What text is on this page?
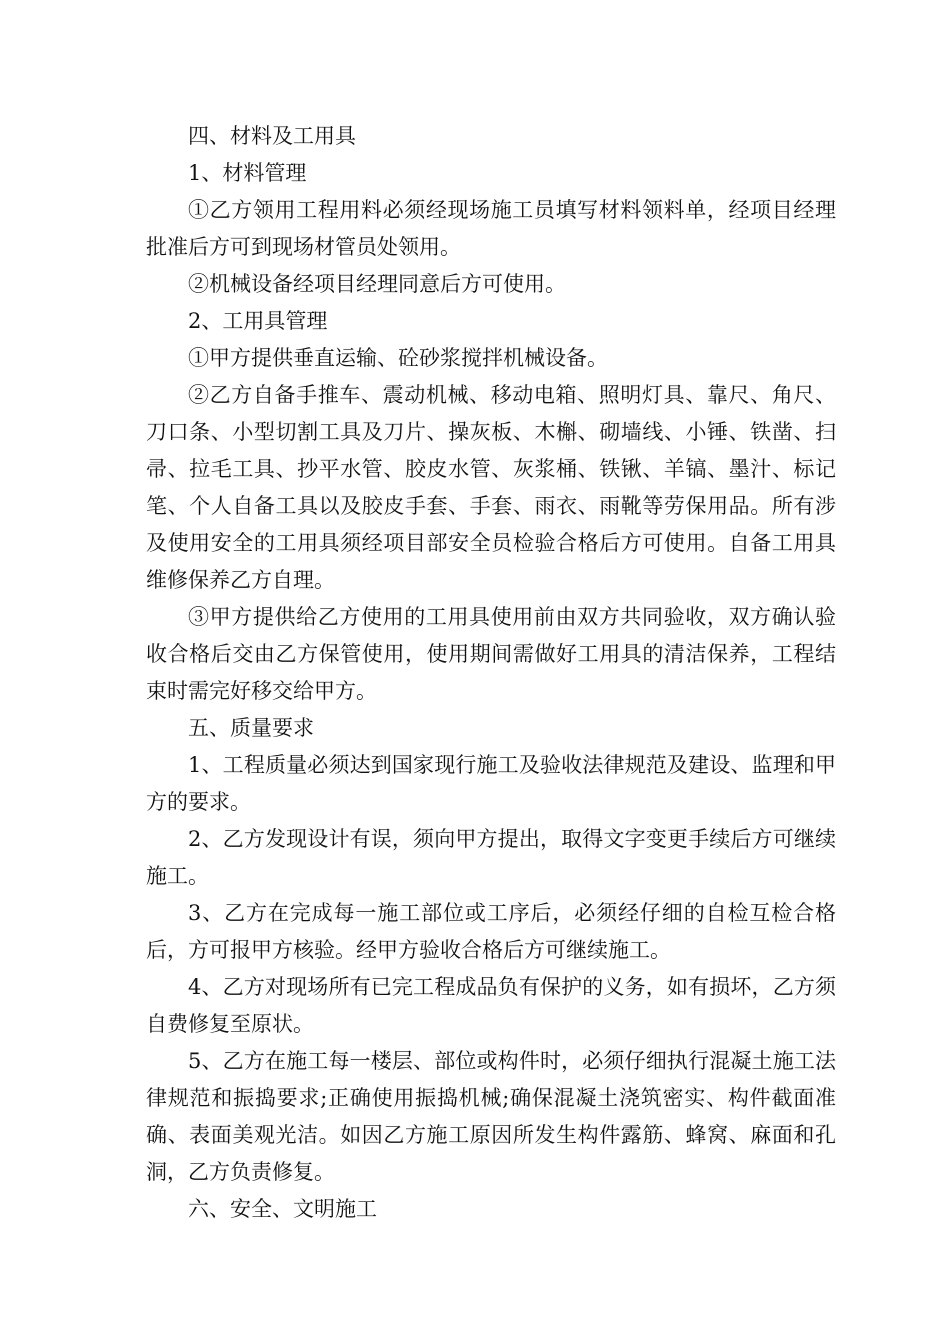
四、材料及工用具

1、材料管理

①乙方领用工程用料必须经现场施工员填写材料领料单，经项目经理批准后方可到现场材管员处领用。

②机械设备经项目经理同意后方可使用。

2、工用具管理

①甲方提供垂直运输、砼砂浆搅拌机械设备。

②乙方自备手推车、震动机械、移动电箱、照明灯具、靠尺、角尺、刀口条、小型切割工具及刀片、操灰板、木槲、砌墙线、小锤、铁凿、扫帚、拉毛工具、抄平水管、胶皮水管、灰浆桶、铁锹、羊镐、墨汁、标记笔、个人自备工具以及胶皮手套、手套、雨衣、雨靴等劳保用品。所有涉及使用安全的工用具须经项目部安全员检验合格后方可使用。自备工用具维修保养乙方自理。

③甲方提供给乙方使用的工用具使用前由双方共同验收，双方确认验收合格后交由乙方保管使用，使用期间需做好工用具的清洁保养，工程结束时需完好移交给甲方。

五、质量要求

1、工程质量必须达到国家现行施工及验收法律规范及建设、监理和甲方的要求。

2、乙方发现设计有误，须向甲方提出，取得文字变更手续后方可继续施工。

3、乙方在完成每一施工部位或工序后，必须经仔细的自检互检合格后，方可报甲方核验。经甲方验收合格后方可继续施工。

4、乙方对现场所有已完工程成品负有保护的义务，如有损坏，乙方须自费修复至原状。

5、乙方在施工每一楼层、部位或构件时，必须仔细执行混凝土施工法律规范和振捣要求;正确使用振捣机械;确保混凝土浇筑密实、构件截面准确、表面美观光洁。如因乙方施工原因所发生构件露筋、蜂窝、麻面和孔洞，乙方负责修复。

六、安全、文明施工
